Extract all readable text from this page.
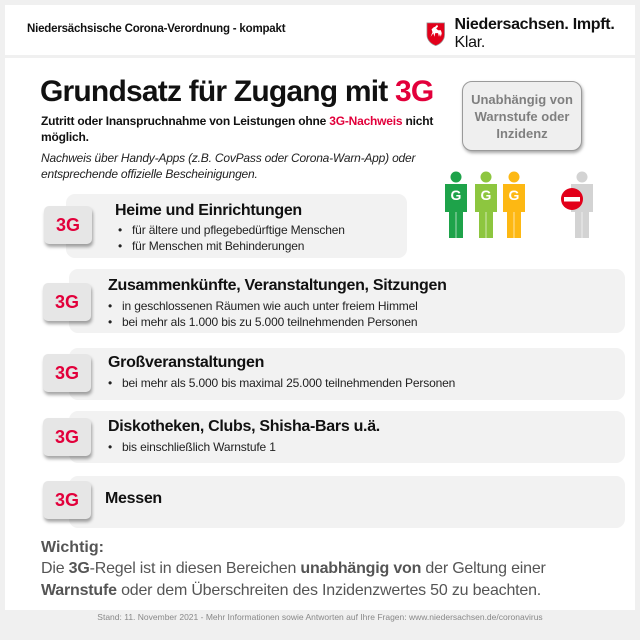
Niedersächsische Corona-Verordnung - kompakt	Niedersachsen. Impft. Klar.
Grundsatz für Zugang mit 3G
Zutritt oder Inanspruchnahme von Leistungen ohne 3G-Nachweis nicht möglich.
Nachweis über Handy-Apps (z.B. CovPass oder Corona-Warn-App) oder entsprechende offizielle Bescheinigungen.
Unabhängig von Warnstufe oder Inzidenz
G G G
3G
Heime und Einrichtungen
• für ältere und pflegebedürftige Menschen
• für Menschen mit Behinderungen
3G
Zusammenkünfte, Veranstaltungen, Sitzungen
• in geschlossenen Räumen wie auch unter freiem Himmel
• bei mehr als 1.000 bis zu 5.000 teilnehmenden Personen
3G	Großveranstaltungen
• bei mehr als 5.000 bis maximal 25.000 teilnehmenden Personen
3G	Diskotheken, Clubs, Shisha-Bars u.ä.
• bis einschließlich Warnstufe 1
3G	Messen
Wichtig:
Die 3G-Regel ist in diesen Bereichen unabhängig von der Geltung einer Warnstufe oder dem Überschreiten des Inzidenzwertes 50 zu beachten.
Stand: 11. November 2021 - Mehr Informationen sowie Antworten auf Ihre Fragen: www.niedersachsen.de/coronavirus
